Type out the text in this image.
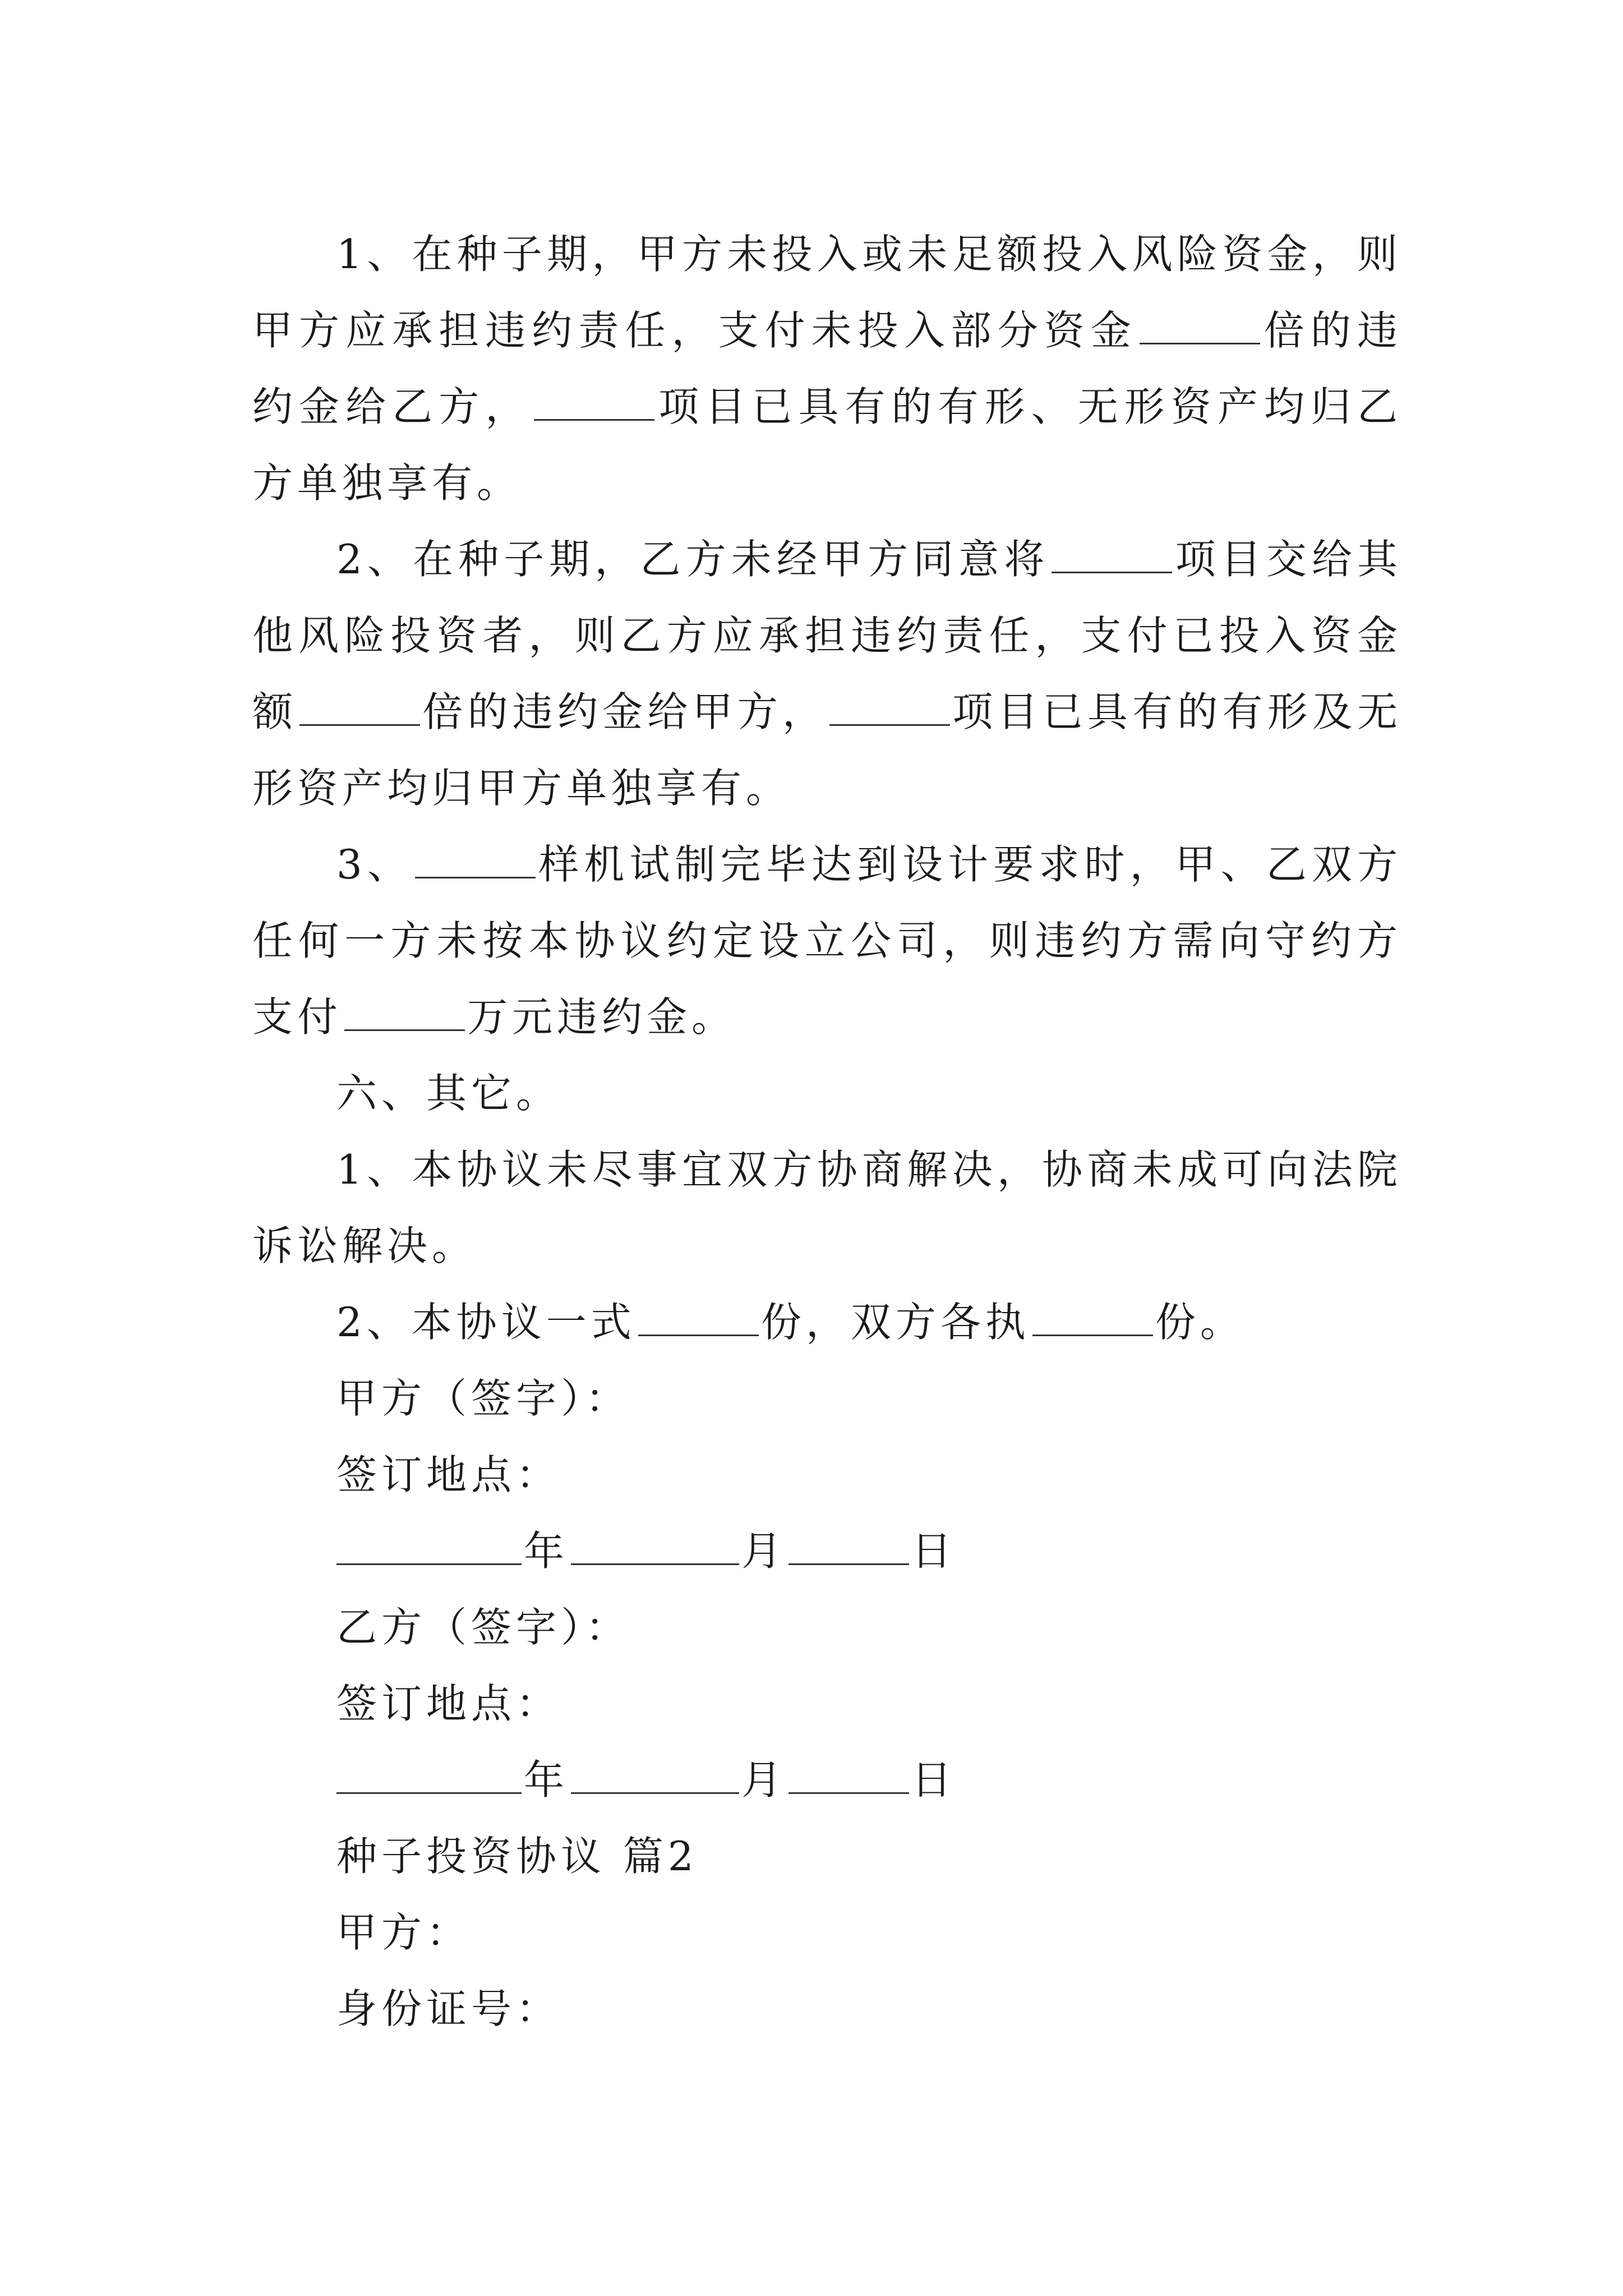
1、在种子期，甲方未投入或未足额投入风险资金，则甲方应承担违约责任，支付未投入部分资金	倍的违约金给乙方，	项目已具有的有形、无形资产均归乙方单独享有。

2、在种子期，乙方未经甲方同意将	项目交给其他风险投资者，则乙方应承担违约责任，支付已投入资金额	倍的违约金给甲方，	项目已具有的有形及无形资产均归甲方单独享有。

3、	样机试制完毕达到设计要求时，甲、乙双方任何一方未按本协议约定设立公司，则违约方需向守约方支付	万元违约金。

六、其它。

1、本协议未尽事宜双方协商解决，协商未成可向法院诉讼解决。

2、本协议一式	份，双方各执	份。

甲方（签字）：

签订地点：

年	月	日

乙方（签字）：

签订地点：

年	月	日

种子投资协议 篇2

甲方：

身份证号：
